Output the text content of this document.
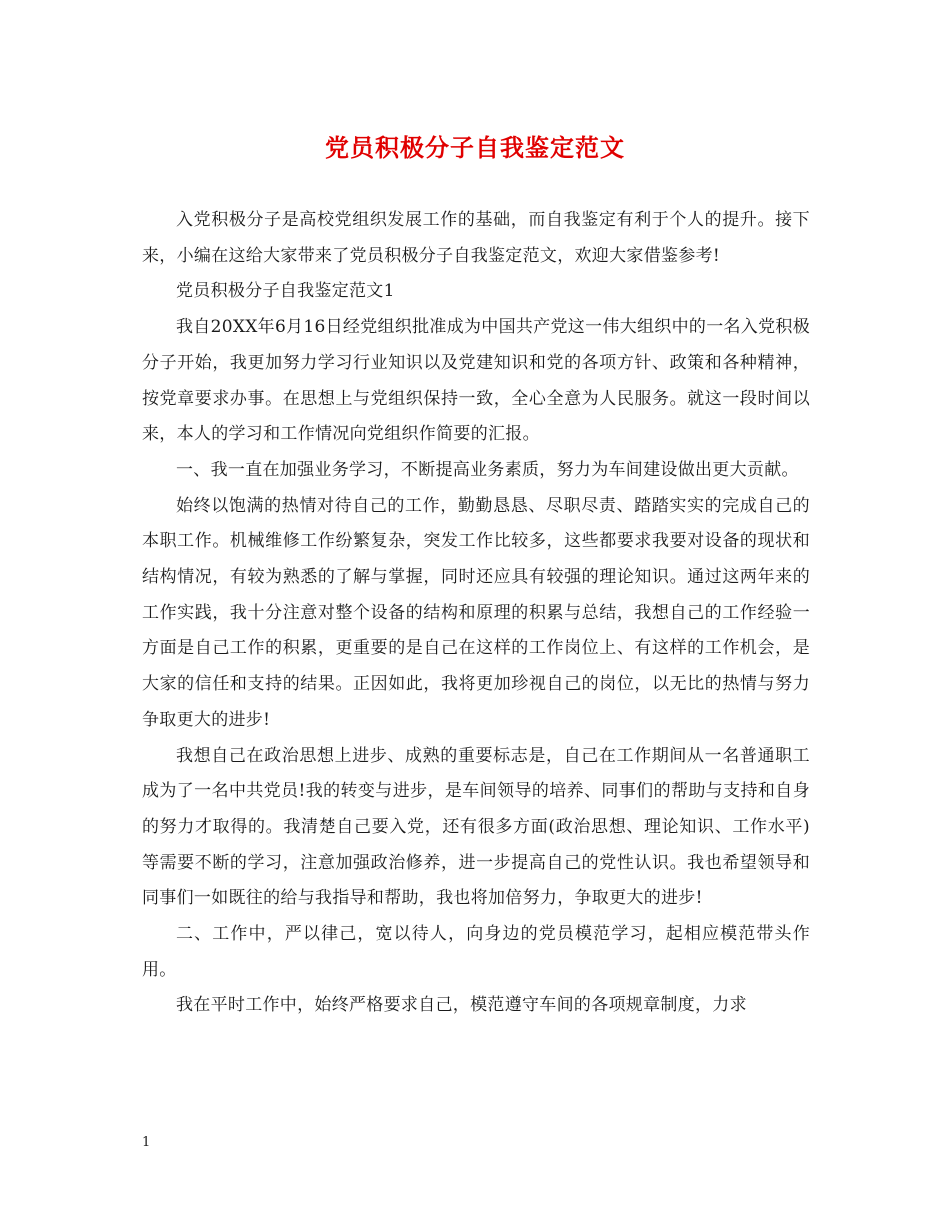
党员积极分子自我鉴定范文

入党积极分子是高校党组织发展工作的基础，而自我鉴定有利于个人的提升。接下来，小编在这给大家带来了党员积极分子自我鉴定范文，欢迎大家借鉴参考!

党员积极分子自我鉴定范文1

我自20XX年6月16日经党组织批准成为中国共产党这一伟大组织中的一名入党积极分子开始，我更加努力学习行业知识以及党建知识和党的各项方针、政策和各种精神，按党章要求办事。在思想上与党组织保持一致，全心全意为人民服务。就这一段时间以来，本人的学习和工作情况向党组织作简要的汇报。

一、我一直在加强业务学习，不断提高业务素质，努力为车间建设做出更大贡献。

始终以饱满的热情对待自己的工作，勤勤恳恳、尽职尽责、踏踏实实的完成自己的本职工作。机械维修工作纷繁复杂，突发工作比较多，这些都要求我要对设备的现状和结构情况，有较为熟悉的了解与掌握，同时还应具有较强的理论知识。通过这两年来的工作实践，我十分注意对整个设备的结构和原理的积累与总结，我想自己的工作经验一方面是自己工作的积累，更重要的是自己在这样的工作岗位上、有这样的工作机会，是大家的信任和支持的结果。正因如此，我将更加珍视自己的岗位，以无比的热情与努力争取更大的进步!

我想自己在政治思想上进步、成熟的重要标志是，自己在工作期间从一名普通职工成为了一名中共党员!我的转变与进步，是车间领导的培养、同事们的帮助与支持和自身的努力才取得的。我清楚自己要入党，还有很多方面(政治思想、理论知识、工作水平)等需要不断的学习，注意加强政治修养，进一步提高自己的党性认识。我也希望领导和同事们一如既往的给与我指导和帮助，我也将加倍努力，争取更大的进步!

二、工作中，严以律己，宽以待人，向身边的党员模范学习，起相应模范带头作用。

我在平时工作中，始终严格要求自己，模范遵守车间的各项规章制度，力求

1
